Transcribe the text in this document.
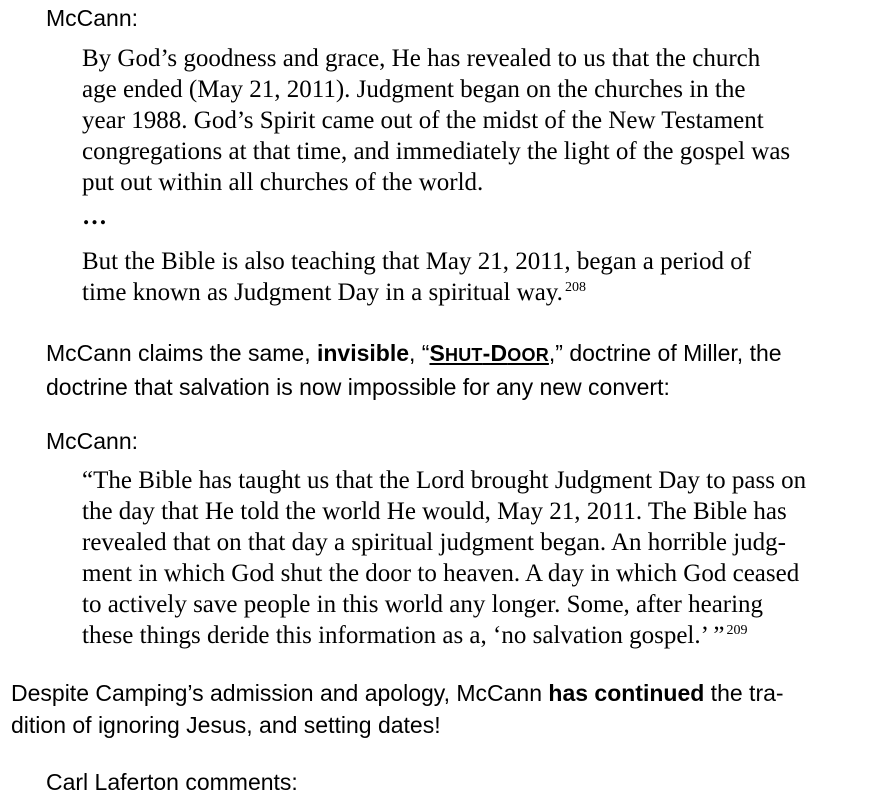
McCann:
By God’s goodness and grace, He has revealed to us that the church
age ended (May 21, 2011). Judgment began on the churches in the
year 1988. God’s Spirit came out of the midst of the New Testament
congregations at that time, and immediately the light of the gospel was
put out within all churches of the world.
…
But the Bible is also teaching that May 21, 2011, began a period of
time known as Judgment Day in a spiritual way. $^{208}$
McCann claims the same, invisible, “SHUT-DOOR,” doctrine of Miller, the
doctrine that salvation is now impossible for any new convert:
McCann:
“The Bible has taught us that the Lord brought Judgment Day to pass on
the day that He told the world He would, May 21, 2011. The Bible has
revealed that on that day a spiritual judgment began. An horrible judg-
ment in which God shut the door to heaven. A day in which God ceased
to actively save people in this world any longer. Some, after hearing
these things deride this information as a, ‘no salvation gospel.’ ” $^{209}$
Despite Camping’s admission and apology, McCann has continued the tra-
dition of ignoring Jesus, and setting dates!
Carl Laferton comments:
